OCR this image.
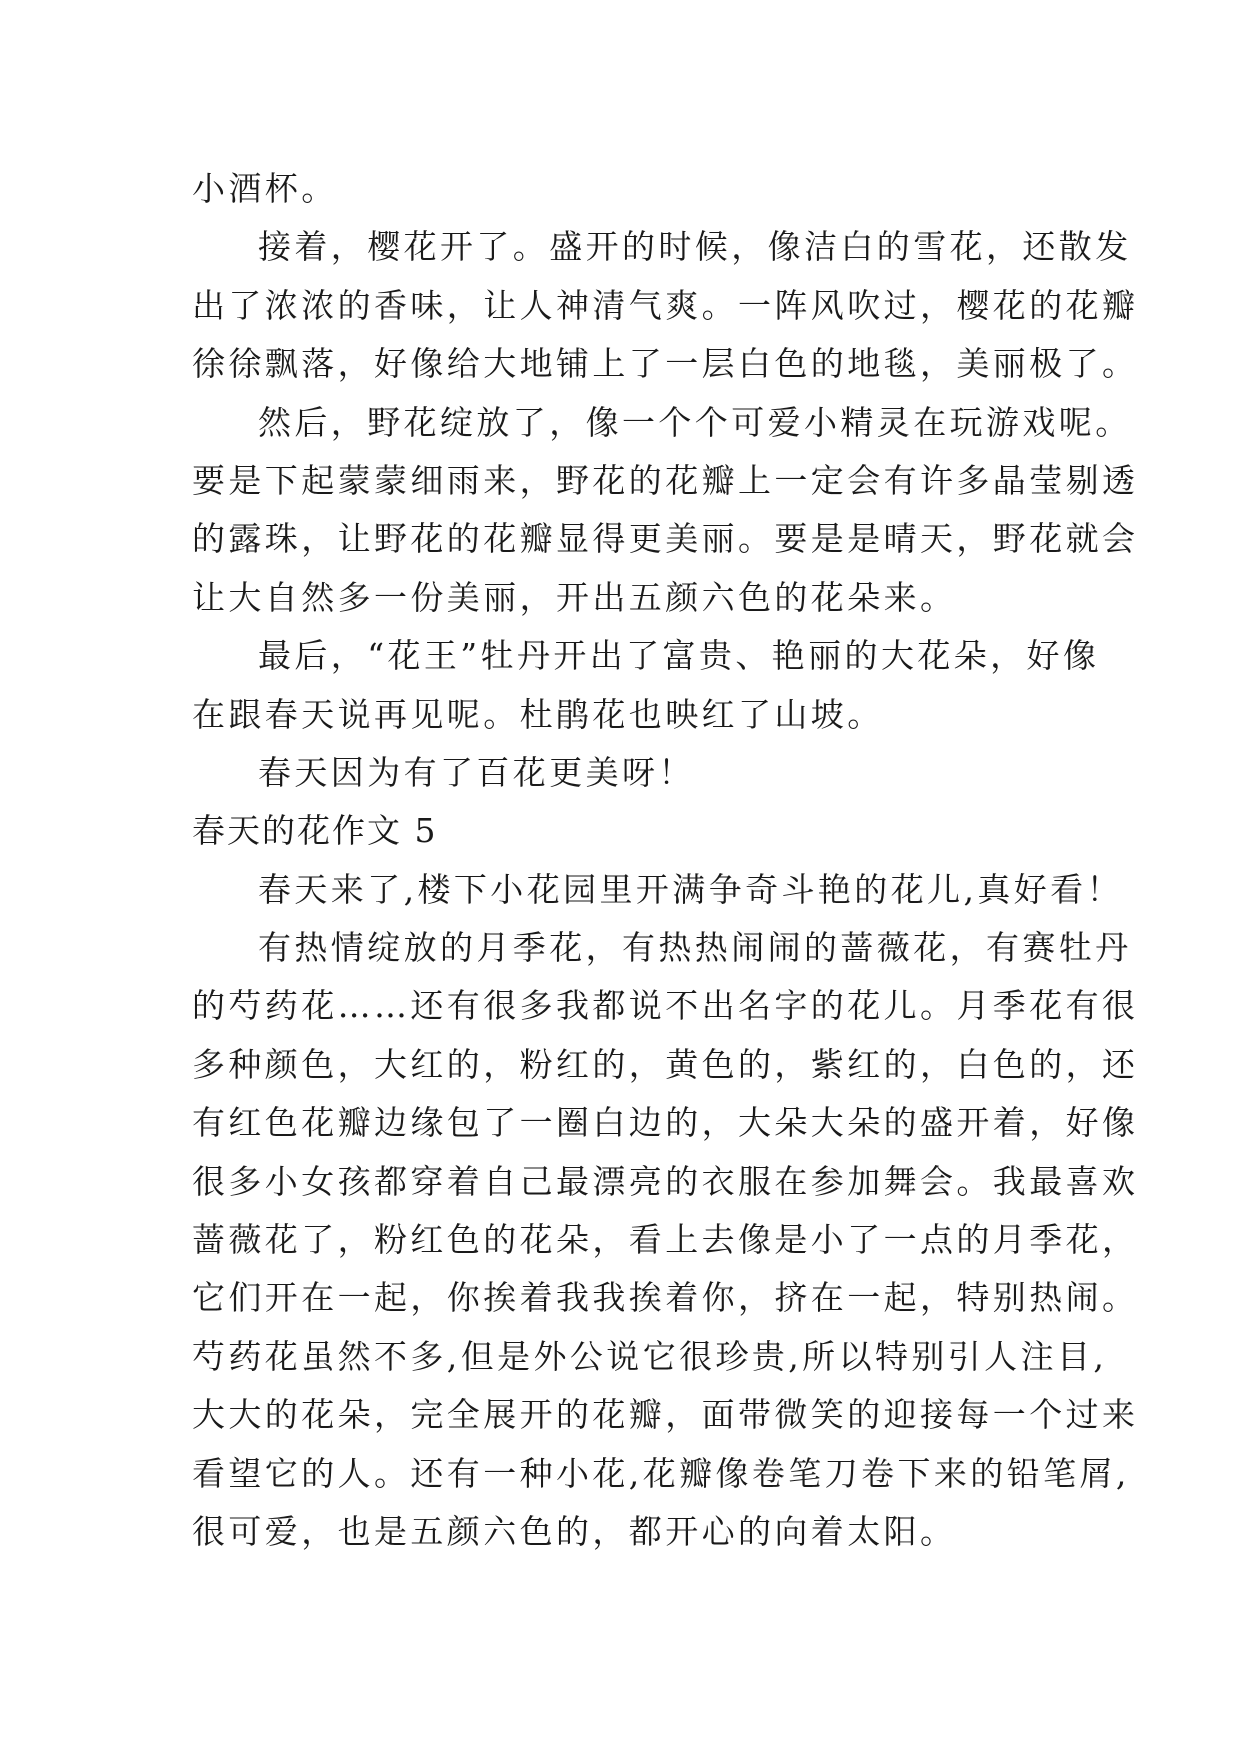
小酒杯。
接着，樱花开了。盛开的时候，像洁白的雪花，还散发
出了浓浓的香味，让人神清气爽。一阵风吹过，樱花的花瓣
徐徐飘落，好像给大地铺上了一层白色的地毯，美丽极了。
然后，野花绽放了，像一个个可爱小精灵在玩游戏呢。
要是下起蒙蒙细雨来，野花的花瓣上一定会有许多晶莹剔透
的露珠，让野花的花瓣显得更美丽。要是是晴天，野花就会
让大自然多一份美丽，开出五颜六色的花朵来。
最后，“花王”牡丹开出了富贵、艳丽的大花朵，好像
在跟春天说再见呢。杜鹃花也映红了山坡。
春天因为有了百花更美呀！
春天的花作文 5
春天来了,楼下小花园里开满争奇斗艳的花儿,真好看！
有热情绽放的月季花，有热热闹闹的蔷薇花，有赛牡丹
的芍药花……还有很多我都说不出名字的花儿。月季花有很
多种颜色，大红的，粉红的，黄色的，紫红的，白色的，还
有红色花瓣边缘包了一圈白边的，大朵大朵的盛开着，好像
很多小女孩都穿着自己最漂亮的衣服在参加舞会。我最喜欢
蔷薇花了，粉红色的花朵，看上去像是小了一点的月季花，
它们开在一起，你挨着我我挨着你，挤在一起，特别热闹。
芍药花虽然不多,但是外公说它很珍贵,所以特别引人注目,
大大的花朵，完全展开的花瓣，面带微笑的迎接每一个过来
看望它的人。还有一种小花,花瓣像卷笔刀卷下来的铅笔屑,
很可爱，也是五颜六色的，都开心的向着太阳。
